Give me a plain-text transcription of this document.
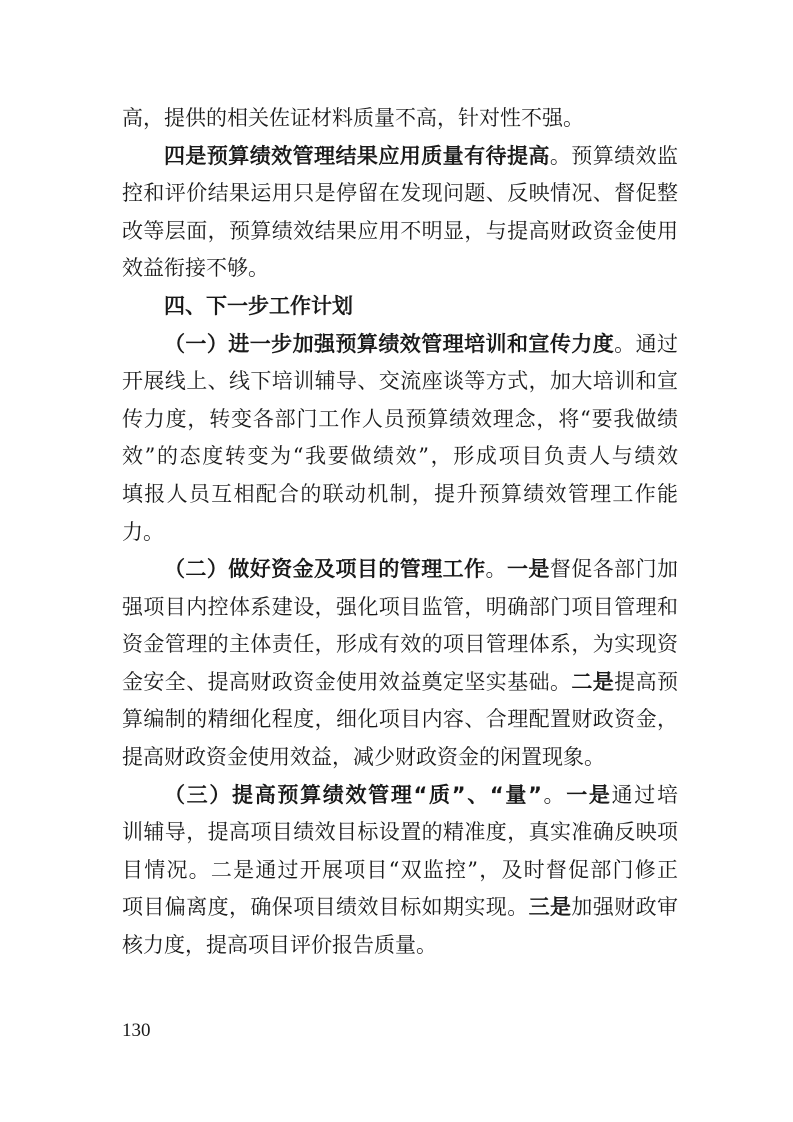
高，提供的相关佐证材料质量不高，针对性不强。
四是预算绩效管理结果应用质量有待提高。预算绩效监
控和评价结果运用只是停留在发现问题、反映情况、督促整
改等层面，预算绩效结果应用不明显，与提高财政资金使用
效益衔接不够。
四、下一步工作计划
（一）进一步加强预算绩效管理培训和宣传力度。通过
开展线上、线下培训辅导、交流座谈等方式，加大培训和宣
传力度，转变各部门工作人员预算绩效理念，将“要我做绩
效”的态度转变为“我要做绩效”，形成项目负责人与绩效
填报人员互相配合的联动机制，提升预算绩效管理工作能
力。
（二）做好资金及项目的管理工作。一是督促各部门加
强项目内控体系建设，强化项目监管，明确部门项目管理和
资金管理的主体责任，形成有效的项目管理体系，为实现资
金安全、提高财政资金使用效益奠定坚实基础。二是提高预
算编制的精细化程度，细化项目内容、合理配置财政资金，
提高财政资金使用效益，减少财政资金的闲置现象。
（三）提高预算绩效管理“质”、“量”。一是通过培
训辅导，提高项目绩效目标设置的精准度，真实准确反映项
目情况。二是通过开展项目“双监控”，及时督促部门修正
项目偏离度，确保项目绩效目标如期实现。三是加强财政审
核力度，提高项目评价报告质量。
130
